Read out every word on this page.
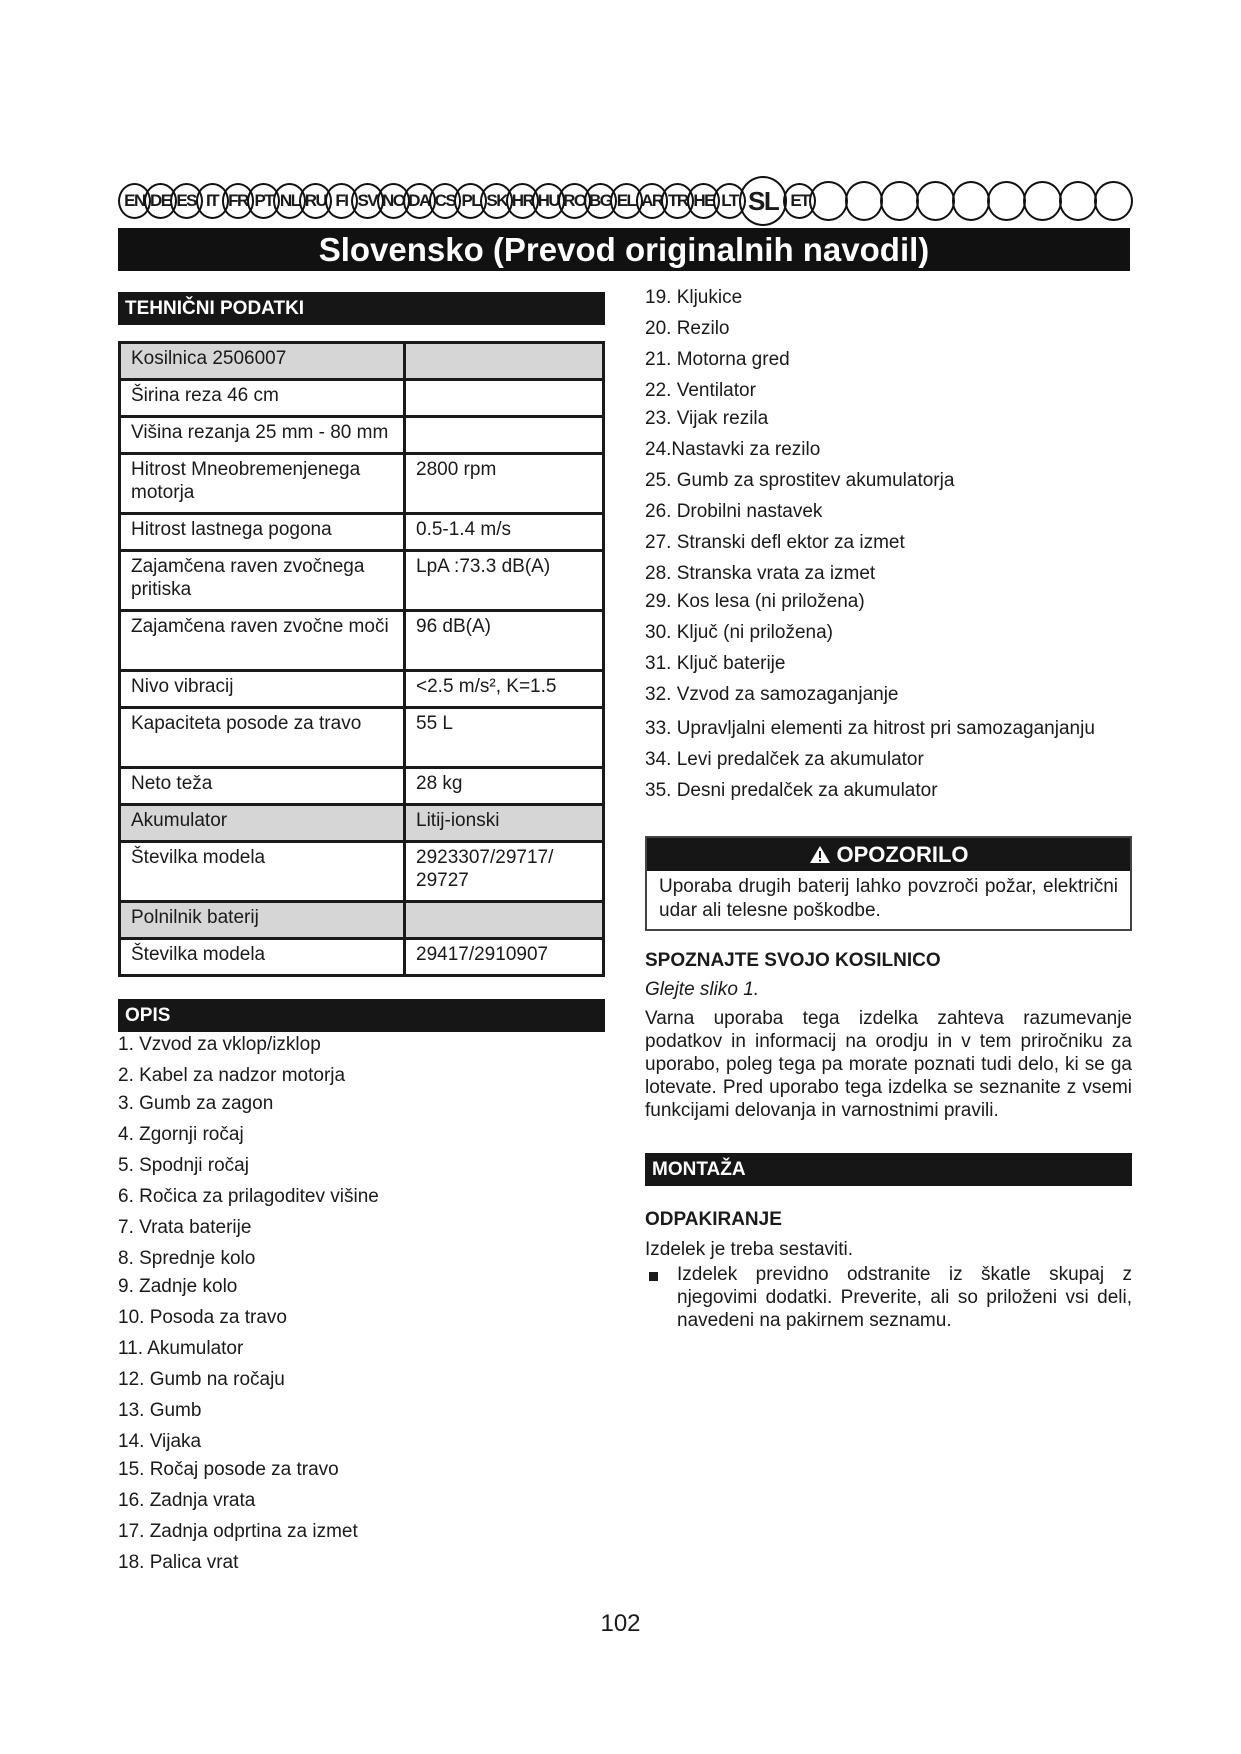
EN DE ES IT FR PT NL RU FI SV NO DA CS PL SK HR HU RO BG EL AR TR HE LT SL ET
Slovensko (Prevod originalnih navodil)
TEHNIČNI PODATKI
Kosilnica 2506007	
Širina reza 46 cm	
Višina rezanja 25 mm - 80 mm	
Hitrost Mneobremenjenega motorja	2800 rpm
Hitrost lastnega pogona	0.5-1.4 m/s
Zajamčena raven zvočnega pritiska	LpA :73.3 dB(A)
Zajamčena raven zvočne moči	96 dB(A)
Nivo vibracij	<2.5 m/s², K=1.5
Kapaciteta posode za travo	55 L
Neto teža	28 kg
Akumulator	Litij-ionski
Številka modela	2923307/29717/ 29727
Polnilnik baterij	
Številka modela	29417/2910907
OPIS
1. Vzvod za vklop/izklop
2. Kabel za nadzor motorja
3. Gumb za zagon
4. Zgornji ročaj
5. Spodnji ročaj
6. Ročica za prilagoditev višine
7. Vrata baterije
8. Sprednje kolo
9. Zadnje kolo
10. Posoda za travo
11. Akumulator
12. Gumb na ročaju
13. Gumb
14. Vijaka
15. Ročaj posode za travo
16. Zadnja vrata
17. Zadnja odprtina za izmet
18. Palica vrat
19. Kljukice
20. Rezilo
21. Motorna gred
22. Ventilator
23. Vijak rezila
24.Nastavki za rezilo
25. Gumb za sprostitev akumulatorja
26. Drobilni nastavek
27. Stranski defl ektor za izmet
28. Stranska vrata za izmet
29. Kos lesa (ni priložena)
30. Ključ (ni priložena)
31. Ključ baterije
32. Vzvod za samozaganjanje
33. Upravljalni elementi za hitrost pri samozaganjanju
34. Levi predalček za akumulator
35. Desni predalček za akumulator
OPOZORILO
Uporaba drugih baterij lahko povzroči požar, električni udar ali telesne poškodbe.
SPOZNAJTE SVOJO KOSILNICO
Glejte sliko 1.
Varna uporaba tega izdelka zahteva razumevanje podatkov in informacij na orodju in v tem priročniku za uporabo, poleg tega pa morate poznati tudi delo, ki se ga lotevate. Pred uporabo tega izdelka se seznanite z vsemi funkcijami delovanja in varnostnimi pravili.
MONTAŽA
ODPAKIRANJE
Izdelek je treba sestaviti.
Izdelek previdno odstranite iz škatle skupaj z njegovimi dodatki. Preverite, ali so priloženi vsi deli, navedeni na pakirnem seznamu.
102
